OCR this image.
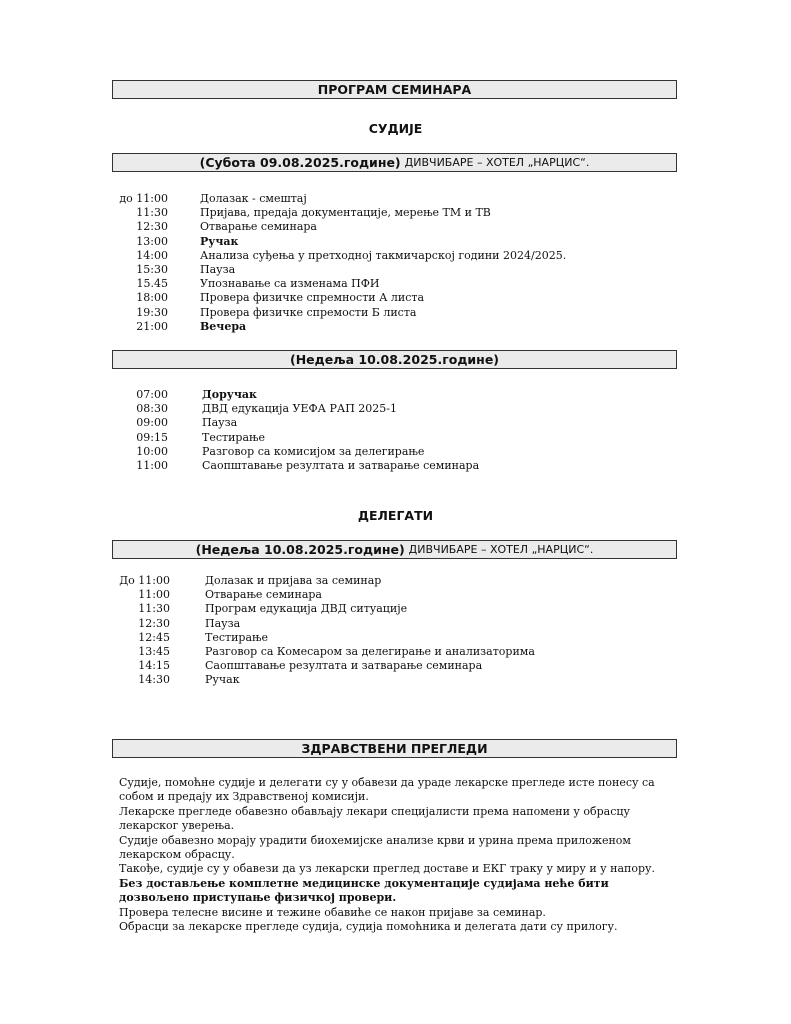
ПРОГРАМ СЕМИНАРА
СУДИЈЕ
(Субота 09.08.2025.године) ДИВЧИБАРЕ – ХОТЕЛ „НАРЦИС“.
до 11:00	Долазак - смештај
11:30	Пријава, предаја документације, мерење ТМ и ТВ
12:30	Отварање семинара
13:00	Ручак
14:00	Анализа суђења у претходној такмичарској години 2024/2025.
15:30	Пауза
15.45	Упознавање са изменама ПФИ
18:00	Провера физичке спремности А листа
19:30	Провера физичке спремости Б листа
21:00	Вечера
(Недеља 10.08.2025.године)
07:00	Доручак
08:30	ДВД едукација УЕФА РАП 2025-1
09:00	Пауза
09:15	Тестирање
10:00	Разговор са комисијом за делегирање
11:00	Саопштавање резултата и затварање семинара
ДЕЛЕГАТИ
(Недеља 10.08.2025.године) ДИВЧИБАРЕ – ХОТЕЛ „НАРЦИС“.
До 11:00	Долазак и пријава за семинар
11:00	Отварање семинара
11:30	Програм едукација ДВД ситуације
12:30	Пауза
12:45	Тестирање
13:45	Разговор са Комесаром за делегирање и анализаторима
14:15	Саопштавање резултата и затварање семинара
14:30	Ручак
ЗДРАВСТВЕНИ ПРЕГЛЕДИ

Судије, помоћне судије и делегати су у обавези да ураде лекарске прегледе исте понесу са собом и предају их Здравственој комисији.

Лекарске прегледе обавезно обављају лекари специјалисти према напомени у обрасцу лекарског уверења.

Судије обавезно морају урадити биохемијске анализе крви и урина према приложеном лекарском обрасцу.

Такође, судије су у обавези да уз лекарски преглед доставе и ЕКГ траку у миру и у напору.

Без достављење комплетне медицинске документације судијама неће бити дозвољено приступање физичкој провери.

Провера телесне висине и тежине обавиће се након пријаве за семинар.

Обрасци за лекарске прегледе судија, судија помоћника и делегата дати су прилогу.
